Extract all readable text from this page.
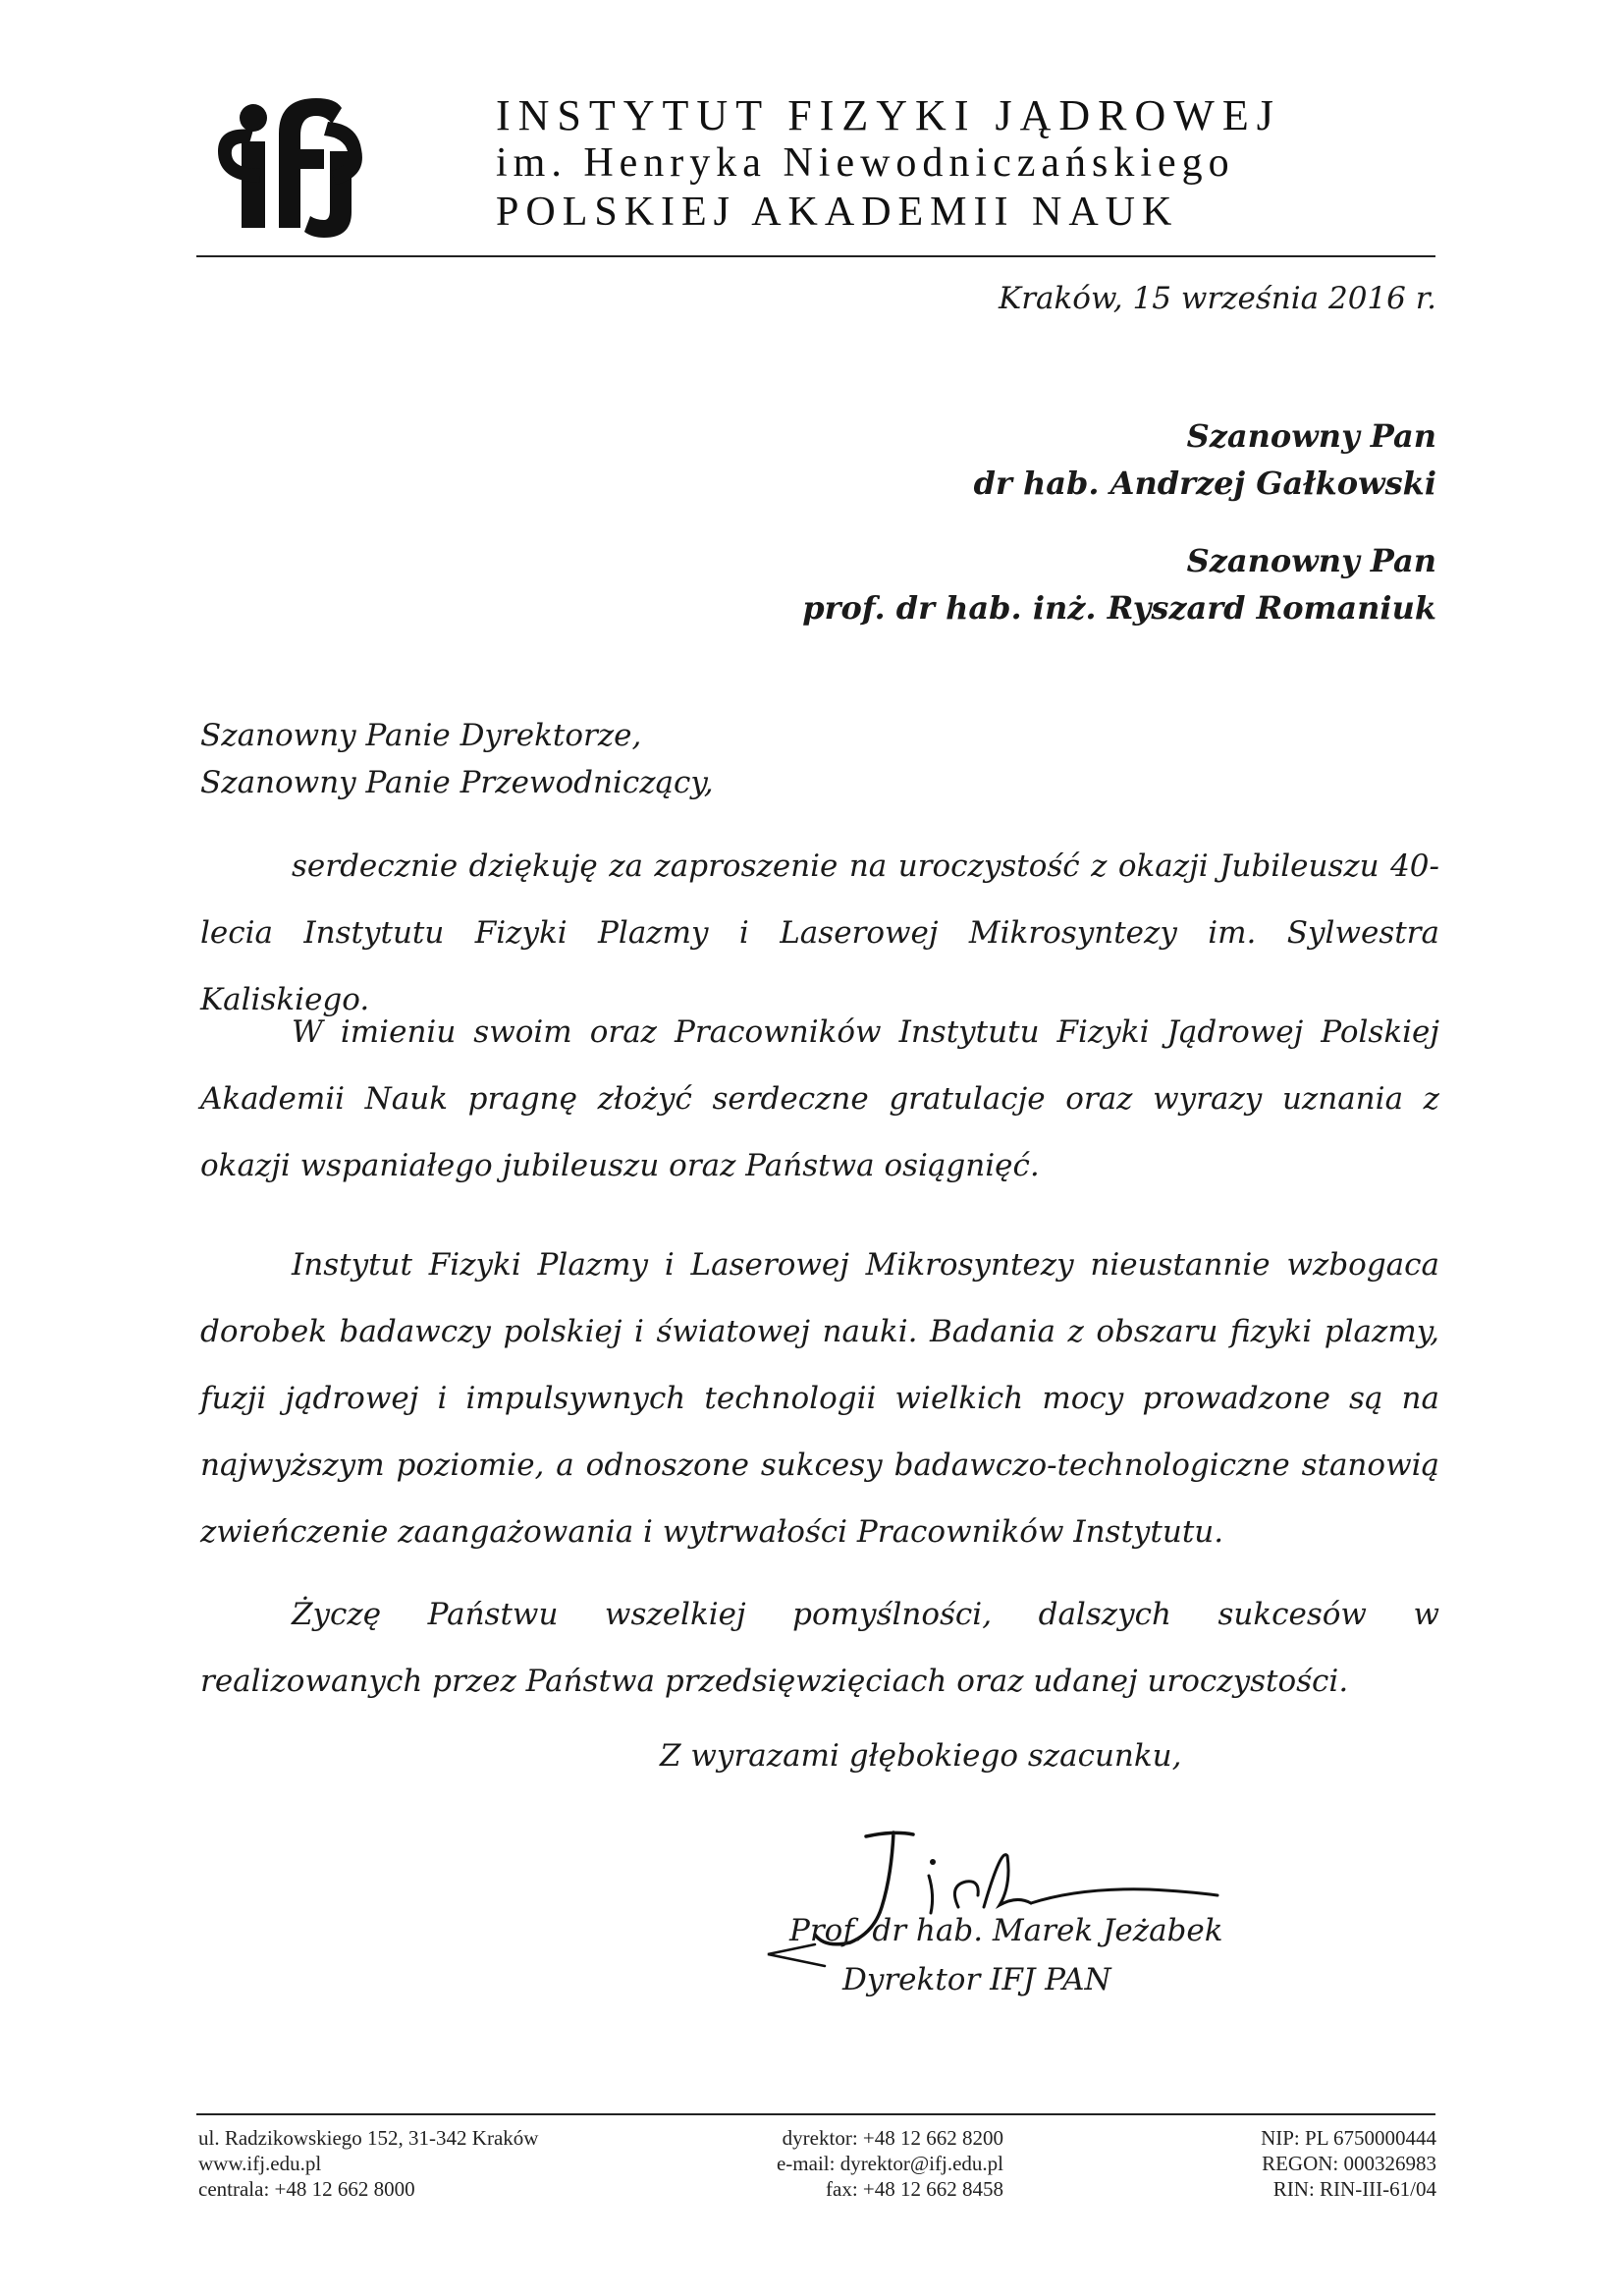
INSTYTUT FIZYKI JĄDROWEJ
im. Henryka Niewodniczańskiego
POLSKIEJ AKADEMII NAUK
Kraków, 15 września 2016 r.
Szanowny Pan
dr hab. Andrzej Gałkowski
Szanowny Pan
prof. dr hab. inż. Ryszard Romaniuk
Szanowny Panie Dyrektorze,
Szanowny Panie Przewodniczący,
serdecznie dziękuję za zaproszenie na uroczystość z okazji Jubileuszu 40-lecia Instytutu Fizyki Plazmy i Laserowej Mikrosyntezy im. Sylwestra Kaliskiego.
W imieniu swoim oraz Pracowników Instytutu Fizyki Jądrowej Polskiej Akademii Nauk pragnę złożyć serdeczne gratulacje oraz wyrazy uznania z okazji wspaniałego jubileuszu oraz Państwa osiągnięć.
Instytut Fizyki Plazmy i Laserowej Mikrosyntezy nieustannie wzbogaca dorobek badawczy polskiej i światowej nauki. Badania z obszaru fizyki plazmy, fuzji jądrowej i impulsywnych technologii wielkich mocy prowadzone są na najwyższym poziomie, a odnoszone sukcesy badawczo-technologiczne stanowią zwieńczenie zaangażowania i wytrwałości Pracowników Instytutu.
Życzę Państwu wszelkiej pomyślności, dalszych sukcesów w realizowanych przez Państwa przedsięwzięciach oraz udanej uroczystości.
Z wyrazami głębokiego szacunku,
Prof. dr hab. Marek Jeżabek
Dyrektor IFJ PAN
ul. Radzikowskiego 152, 31-342 Kraków
www.ifj.edu.pl
centrala: +48 12 662 8000
dyrektor: +48 12 662 8200
e-mail: dyrektor@ifj.edu.pl
fax: +48 12 662 8458
NIP: PL 6750000444
REGON: 000326983
RIN: RIN-III-61/04
